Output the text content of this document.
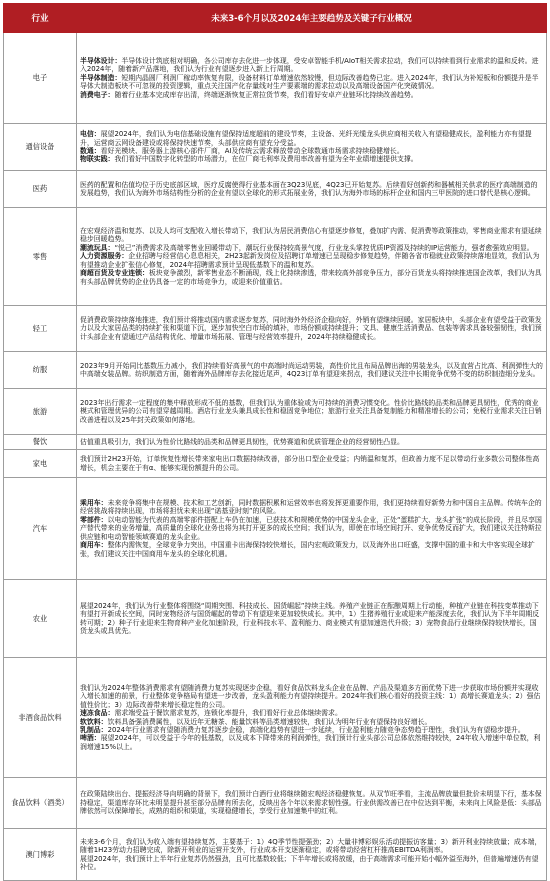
行业	未来3-6个月以及2024年主要趋势及关键子行业概况
电子	半导体设计：半导体设计筑底相对明确，各公司库存去化进一步体现，受安卓智能手机/AIoT相关需求拉动，我们可以持续看到行业需求的温和反转。进入2024年，随着新产品落地，我们认为行业有望逐步进入新上行周期。

半导体制造：短期内晶圆厂利润厂稼动率恢复有限，设备材料订单增速依然较慢，但边际改善趋势已定。进入2024年，我们认为补短板和份额提升是半导体大制造板块不可忽视的投资逻辑，重点关注国产化存量线对生产要素端的需求拉动以及高端设备国产化突破情况。

消费电子：随着行业基本完成库存出清，终端逐渐恢复正常拉货节奏，我们看好安卓产业链环比持续改善趋势。

通信设备	电信：展望2024年，我们认为电信基础设施有望保持适度超前的建设节奏，主设备、光纤光缆龙头供应商相关收入有望稳健成长，盈利能力亦有望提升，运营商云网设备建设或将保持快速节奏，头部供应商有望充分受益。

数通：看好光模块、服务器上游核心部件厂商，AI及传统云需求释放带动全球数通市场需求持续稳健增长。

物联实践：我们看好中国数字化转型的市场潜力，在位厂商毛利率及费用率改善有望为全年业绩增速提供支撑。

医药	医药的配置和估值均位于历史底部区域，医疗反腐使得行业基本面在3Q23见底，4Q23已开始复苏。后续看好创新药和器械相关供求的医疗高端制造的发展趋势，我们认为海外市场结构性分析的企业有望以全球化的形式拓展业务，我们认为海外市场的标杆企业和国内三甲医院的进口替代是核心逻辑。

零售	在宏观经济温和复苏、以及人均可支配收入增长带动下，我们认为居民消费信心有望逐步修复，叠加扩内需、促消费等政策推动，零售商业需求有望延续稳步回暖趋势。

潮流玩具：“悦己”消费需求及高端零售业回暖带动下，潮玩行业保持较高景气度，行业龙头掌控优质IP资源及持续的IP运营能力，强者愈强效应明显。

人力资源服务：企业招聘与经营信心息息相关，2H23起新发岗位及招聘订单增速已呈现稳步修复趋势，伴随各省市稳就业政策持续落地显效，我们认为有望推动企业扩张信心修复，2024年招聘需求预计呈现低基数下的温和复苏。

商超百货及专业连锁：板块竞争激烈，新零售业态不断涌现，线上化持续渗透，带来较高外部竞争压力，部分百货龙头将持续推进国企改革，我们认为具有头部品牌优势的企业仍具备一定的市场竞争力，或迎来价值重估。

轻工	促消费政策持续落地推进，我们预计将推动国内需求逐步复苏，同时海外外经济企稳向好，外销有望继续回暖。家居板块中，头部企业有望受益于政策发力以及大家居品类的持续扩张和渠道下沉，逐步加快空白市场的填补，市场份额或持续提升；文具、健康生活消费品、包装等需求具备较强韧性，我们预计头部企业有望通过产品结构优化、增量市场拓展、管理与经营效率提升，2024年持续稳健成长。

纺服	2023年9月开始同比基数压力减小，我们持续看好高景气的中高端时尚运动男装，高性价比且布局品牌出海的男装龙头，以及直营占比高、利润弹性大的中高端女装品牌。纺织制造方面，随着海外品牌库存去化接近尾声，4Q23订单有望迎来拐点，我们建议关注中长期竞争优势不变的纺织制造细分龙头。

旅游	2023年出行需求一定程度的集中释放形成不低的基数，但我们认为重体验或为可持续的消费习惯变化。性价比路线的品类和品牌更具韧性，优秀的商业模式和管理优异的公司有望穿越周期。酒店行业龙头兼具成长性和稳固竞争地位；旅游行业关注具备复制能力和精准增长的公司；免税行业需求关注日销改善进程以及25年封关政策如何落地。

餐饮	估值重具吸引力，我们认为性价比路线的品类和品牌更具韧性，优势赛道和优质管理企业的经营韧性凸显。

家电	我们预计2H23开始，订单恢复性增长带来家电出口数据持续改善，部分出口型企业受益；内销温和复苏，但政善力度不足以带动行业多数公司整体性高增长，机会主要在于有α、能够实现份额提升的公司。

汽车	乘用车：未来竞争将集中在规模、技术和工艺创新，同时数据积累和运营效率也将发挥更重要作用，我们更持续看好新势力和中国自主品牌。传统车企的经营挑战将持续出现，市场将担忧未来出现“诺基亚时刻”的风险。

零部件：以电动智能为代表的高端零部件搭配上车仍在加速，已获技术和规模优势的中国龙头企业，正处“蛋糕扩大、龙头扩张”的成长阶段，并且尽享国产替代带来的业务增量，高质量的全球化业务也将为其打开更多的成长空间；我们认为，即使在市场空间打开、竞争优势反而扩大，我们建议关注特斯拉供应链和电动智能领域赛道的龙头企业。

商用车：整体内需恢复，全球竞争力突出，中国重卡出海保持较快增长，国内宏观政策发力，以及海外出口旺盛，支撑中国的重卡和大中客实现全球扩张，我们建议关注中国商用车龙头的全球化机遇。

农业	展望2024年，我们认为行业整体将围绕“周期突围、科技成长、国货崛起”持续主线。养殖产业链正在酝酿周期上行动能，种植产业链在科技变革推动下有望打开新成长空间，同时宠物经济与国货崛起的带动下有望迎来更加较快成长。其中，1）生猪养殖行业或迎来产能深度去化，我们认为下半年周期反转可期；2）种子行业迎来生物育种产业化加速阶段，行业科技水平、盈利能力、商业模式有望加速迭代升级；3）宠物食品行业继续保持较快增长，国货龙头或具优先。

非酒食品饮料	我们认为2024年整体消费需求有望随消费力复苏实现逐步企稳，看好食品饮料龙头企业在品牌、产品及渠道多方面优势下进一步获取市场份额并实现收入增长加速的前景，行业整体竞争格局有望进一步改善，龙头盈利能力有望持续提升。2024年我们核心看好的投资主线：1）高增长赛道龙头；2）强估值性价比；3）边际改善带来增长稳定性的公司。

速冻食品：需求端受益于餐饮需求复苏，连锁化率提升，我们看好行业总体继续需求。

软饮料：饮料具备强消费属性，以及近年无糖茶、能量饮料等品类增速较快，我们认为明年行业有望保持良好增长。

乳制品：2024年行业需求有望随消费力复苏逐步企稳，高端化趋势有望进一步延续，行业盈利能力随竞争态势趋于理性，我们认为有望稳步提升。

啤酒：展望2024年，可以受益于今年的低基数，以及成本下降带来的利润弹性，我们预计行业头部公司总体依然维持较快，24年收入增速中单位数，利润增速15%以上。

食品饮料（酒类）	在政策陆续出台、提振经济导向明确的背景下，我们预计白酒行业将继续随宏观经济稳健恢复。从双节旺季看，主流品牌放量但批价未明显下行，基本保持稳定，渠道库存环比未明显提升甚至部分品牌有所去化，反映出各个年以来需求韧性强。行业供需改善已在中位达到平衡，未来向上风险是低：头部品牌依然可以保障增长，成熟的组织和渠道，实现稳健增长，享受行业加速集中的红利。

澳门博彩	未来3-6个月，我们认为收入端有望持续复苏，主要基于：1）4Q季节性提强劲；2）大量非博彩娱乐活动提振访客量；3）新开利业持续放量；成本端，随着1H23劳动力招聘完成，除新开利业的运营开支外，行业成本开支逐渐稳定，或将带动经营杠杆推高EBITDA利润率。

展望2024年，我们预计上半年行业复苏仍然强劲，且可比基数较低；下半年增长或将放缓，由于高端需求可能开始小幅外溢至海外，但普遍增速仍有望补位。
